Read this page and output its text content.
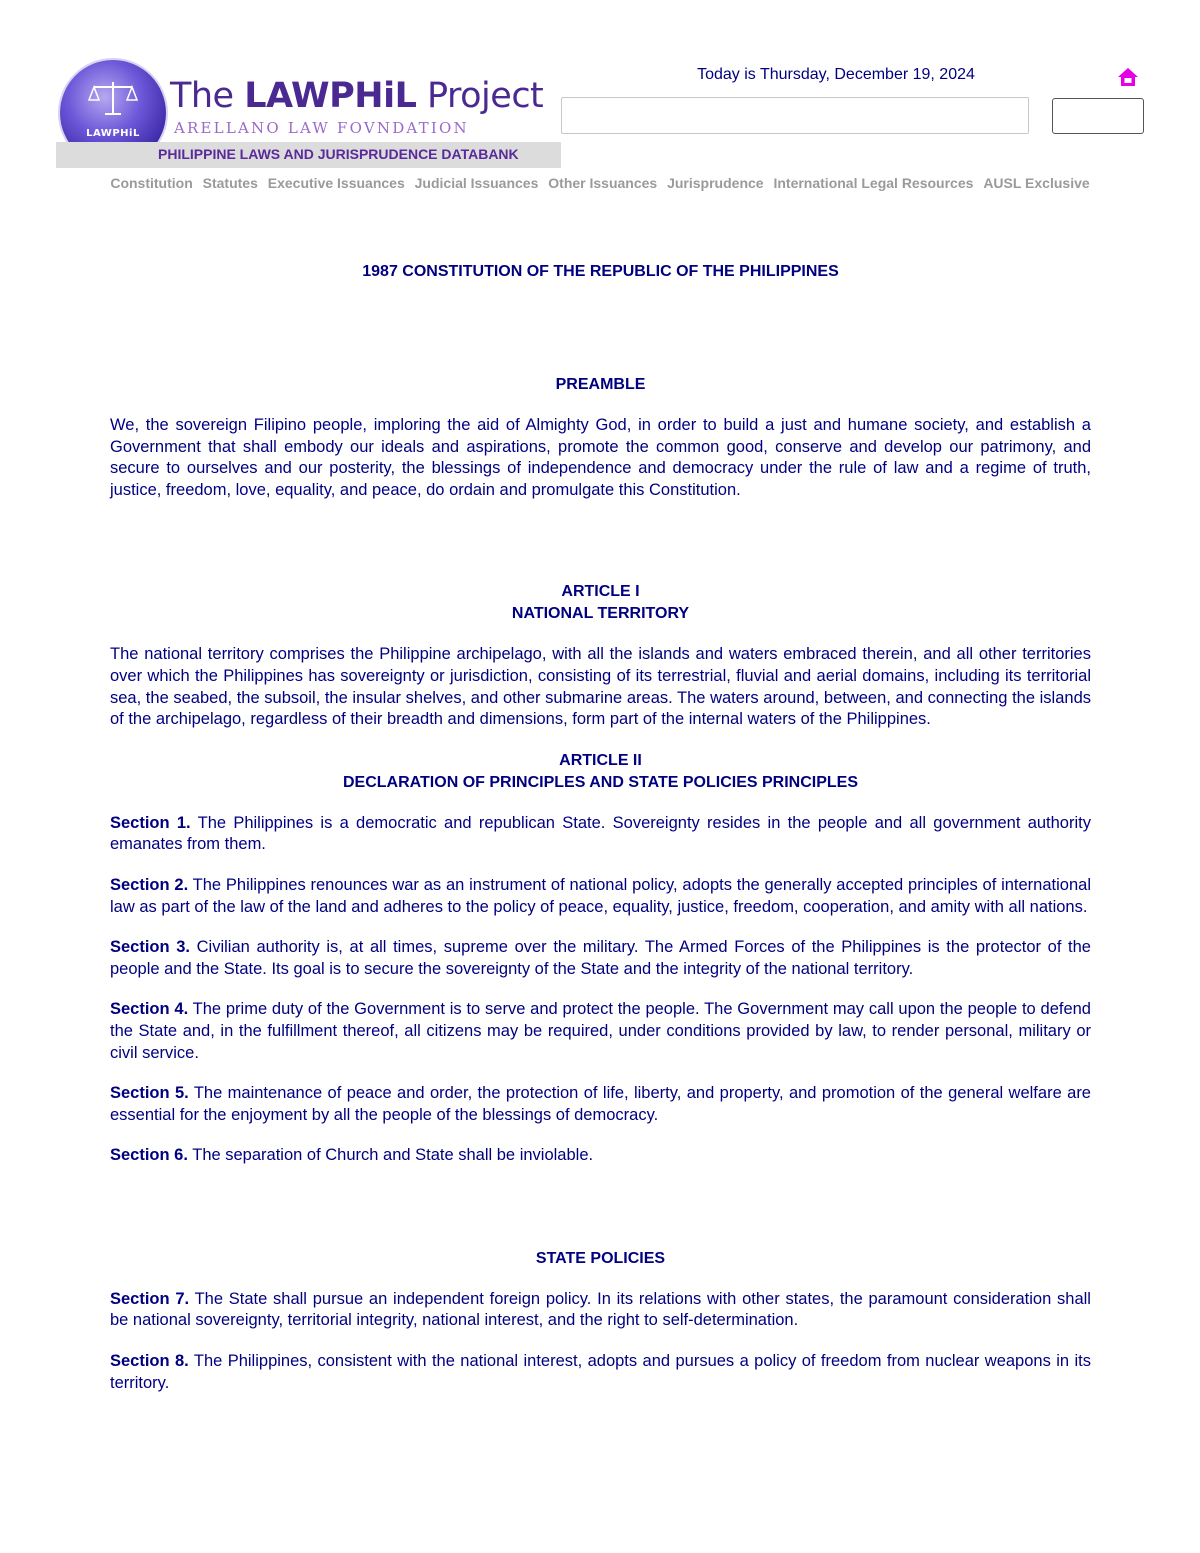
LAWPHiL
The LAWPHiL Project
ARELLANO LAW FOVNDATION
PHILIPPINE LAWS AND JURISPRUDENCE DATABANK
Today is Thursday, December 19, 2024
Constitution Statutes Executive Issuances Judicial Issuances Other Issuances Jurisprudence International Legal Resources AUSL Exclusive
1987 CONSTITUTION OF THE REPUBLIC OF THE PHILIPPINES
PREAMBLE

We, the sovereign Filipino people, imploring the aid of Almighty God, in order to build a just and humane society, and establish a Government that shall embody our ideals and aspirations, promote the common good, conserve and develop our patrimony, and secure to ourselves and our posterity, the blessings of independence and democracy under the rule of law and a regime of truth, justice, freedom, love, equality, and peace, do ordain and promulgate this Constitution.

ARTICLE I
NATIONAL TERRITORY

The national territory comprises the Philippine archipelago, with all the islands and waters embraced therein, and all other territories over which the Philippines has sovereignty or jurisdiction, consisting of its terrestrial, fluvial and aerial domains, including its territorial sea, the seabed, the subsoil, the insular shelves, and other submarine areas. The waters around, between, and connecting the islands of the archipelago, regardless of their breadth and dimensions, form part of the internal waters of the Philippines.

ARTICLE II
DECLARATION OF PRINCIPLES AND STATE POLICIES PRINCIPLES

Section 1. The Philippines is a democratic and republican State. Sovereignty resides in the people and all government authority emanates from them.

Section 2. The Philippines renounces war as an instrument of national policy, adopts the generally accepted principles of international law as part of the law of the land and adheres to the policy of peace, equality, justice, freedom, cooperation, and amity with all nations.

Section 3. Civilian authority is, at all times, supreme over the military. The Armed Forces of the Philippines is the protector of the people and the State. Its goal is to secure the sovereignty of the State and the integrity of the national territory.

Section 4. The prime duty of the Government is to serve and protect the people. The Government may call upon the people to defend the State and, in the fulfillment thereof, all citizens may be required, under conditions provided by law, to render personal, military or civil service.

Section 5. The maintenance of peace and order, the protection of life, liberty, and property, and promotion of the general welfare are essential for the enjoyment by all the people of the blessings of democracy.

Section 6. The separation of Church and State shall be inviolable.

STATE POLICIES

Section 7. The State shall pursue an independent foreign policy. In its relations with other states, the paramount consideration shall be national sovereignty, territorial integrity, national interest, and the right to self-determination.

Section 8. The Philippines, consistent with the national interest, adopts and pursues a policy of freedom from nuclear weapons in its territory.
